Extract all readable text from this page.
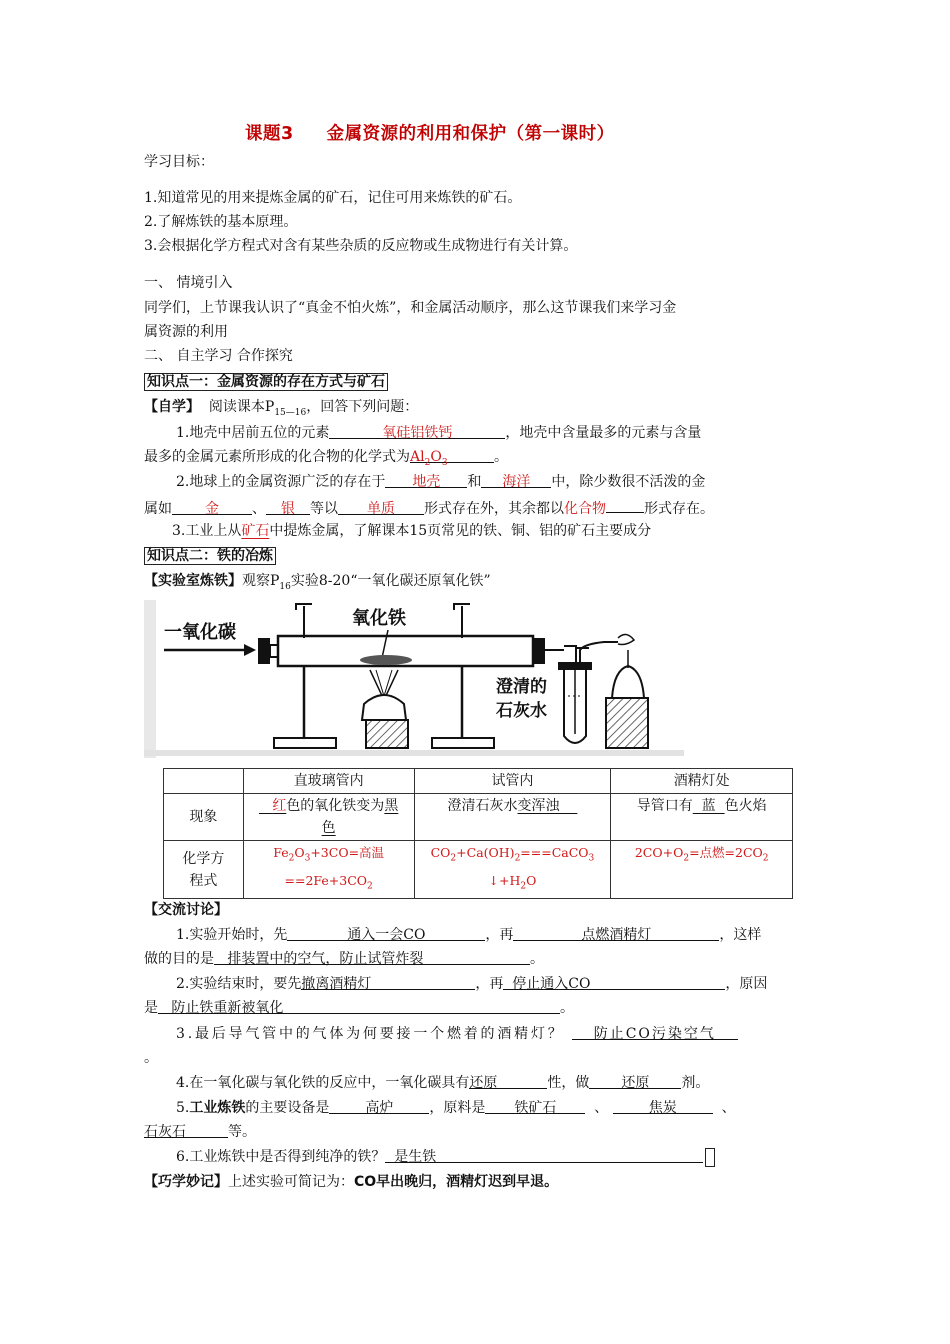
课题3     金属资源的利用和保护（第一课时）
学习目标：
1.知道常见的用来提炼金属的矿石，记住可用来炼铁的矿石。
2.了解炼铁的基本原理。
3.会根据化学方程式对含有某些杂质的反应物或生成物进行有关计算。
一、 情境引入
同学们，上节课我认识了“真金不怕火炼”，和金属活动顺序，那么这节课我们来学习金
属资源的利用
二、 自主学习 合作探究
知识点一：金属资源的存在方式与矿石
【自学】  阅读课本$P_{15—16}$，回答下列问题：
1.地壳中居前五位的元素	氧硅铝铁钙	，地壳中含量最多的元素与含量
最多的金属元素所形成的化合物的化学式为$Al_2O_3$	。
2.地球上的金属资源广泛的存在于 地壳 和 海洋 中，除少数很不活泼的金
属如 金 、 银 等以 单质 形式存在外，其余都以化合物	形式存在。
3.工业上从矿石中提炼金属，了解课本15页常见的铁、铜、铝的矿石主要成分
知识点二：铁的冶炼
【实验室炼铁】观察$P_{16}$实验8-20“一氧化碳还原氧化铁”
一氧化碳
氧化铁
澄清的
石灰水
	直玻璃管内	试管内	酒精灯处
现象	红色的氧化铁变为黑
色	澄清石灰水变浑浊	导管口有  蓝  色火焰
化学方
程式	$Fe_2O_3+3CO=$高温
$==2Fe+3CO_2$	$CO_2+Ca(OH)_2===CaCO_3$
$↓+H_2O$	$2CO+O_2=$点燃$=2CO_2$
【交流讨论】
1.实验开始时，先	通入一会CO	，再	点燃酒精灯	，这样
做的目的是 排装置中的空气，防止试管炸裂	。
2.实验结束时，要先撤离酒精灯	，再 停止通入CO	，原因
是 防止铁重新被氧化	。
3.最后导气管中的气体为何要接一个燃着的酒精灯？ 防止CO污染空气
。
4.在一氧化碳与氧化铁的反应中，一氧化碳具有还原	性，做 还原 剂。
5.工业炼铁的主要设备是	高炉	，原料是 铁矿石  、	焦炭	、
石灰石	等。
6.工业炼铁中是否得到纯净的铁？ 是生铁
【巧学妙记】上述实验可简记为：CO早出晚归，酒精灯迟到早退。
